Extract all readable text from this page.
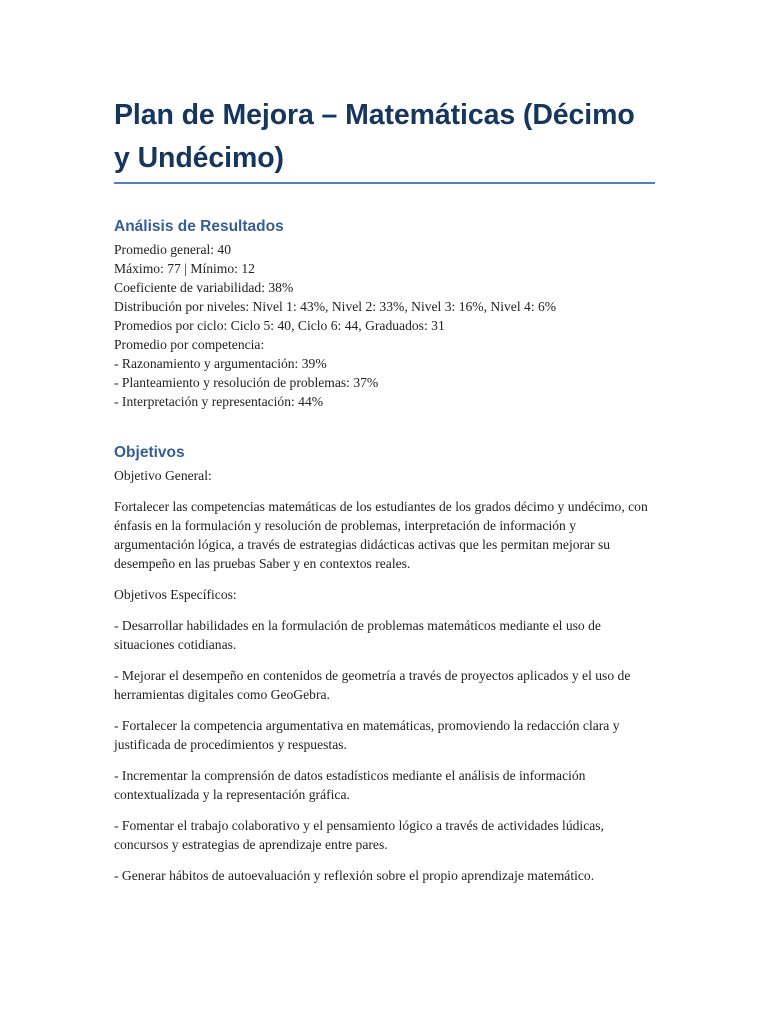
Plan de Mejora – Matemáticas (Décimo y Undécimo)
Análisis de Resultados
Promedio general: 40
Máximo: 77 | Mínimo: 12
Coeficiente de variabilidad: 38%
Distribución por niveles: Nivel 1: 43%, Nivel 2: 33%, Nivel 3: 16%, Nivel 4: 6%
Promedios por ciclo: Ciclo 5: 40, Ciclo 6: 44, Graduados: 31
Promedio por competencia:
- Razonamiento y argumentación: 39%
- Planteamiento y resolución de problemas: 37%
- Interpretación y representación: 44%
Objetivos

Objetivo General:

Fortalecer las competencias matemáticas de los estudiantes de los grados décimo y undécimo, con énfasis en la formulación y resolución de problemas, interpretación de información y argumentación lógica, a través de estrategias didácticas activas que les permitan mejorar su desempeño en las pruebas Saber y en contextos reales.

Objetivos Específicos:

- Desarrollar habilidades en la formulación de problemas matemáticos mediante el uso de situaciones cotidianas.

- Mejorar el desempeño en contenidos de geometría a través de proyectos aplicados y el uso de herramientas digitales como GeoGebra.

- Fortalecer la competencia argumentativa en matemáticas, promoviendo la redacción clara y justificada de procedimientos y respuestas.

- Incrementar la comprensión de datos estadísticos mediante el análisis de información contextualizada y la representación gráfica.

- Fomentar el trabajo colaborativo y el pensamiento lógico a través de actividades lúdicas, concursos y estrategias de aprendizaje entre pares.

- Generar hábitos de autoevaluación y reflexión sobre el propio aprendizaje matemático.
